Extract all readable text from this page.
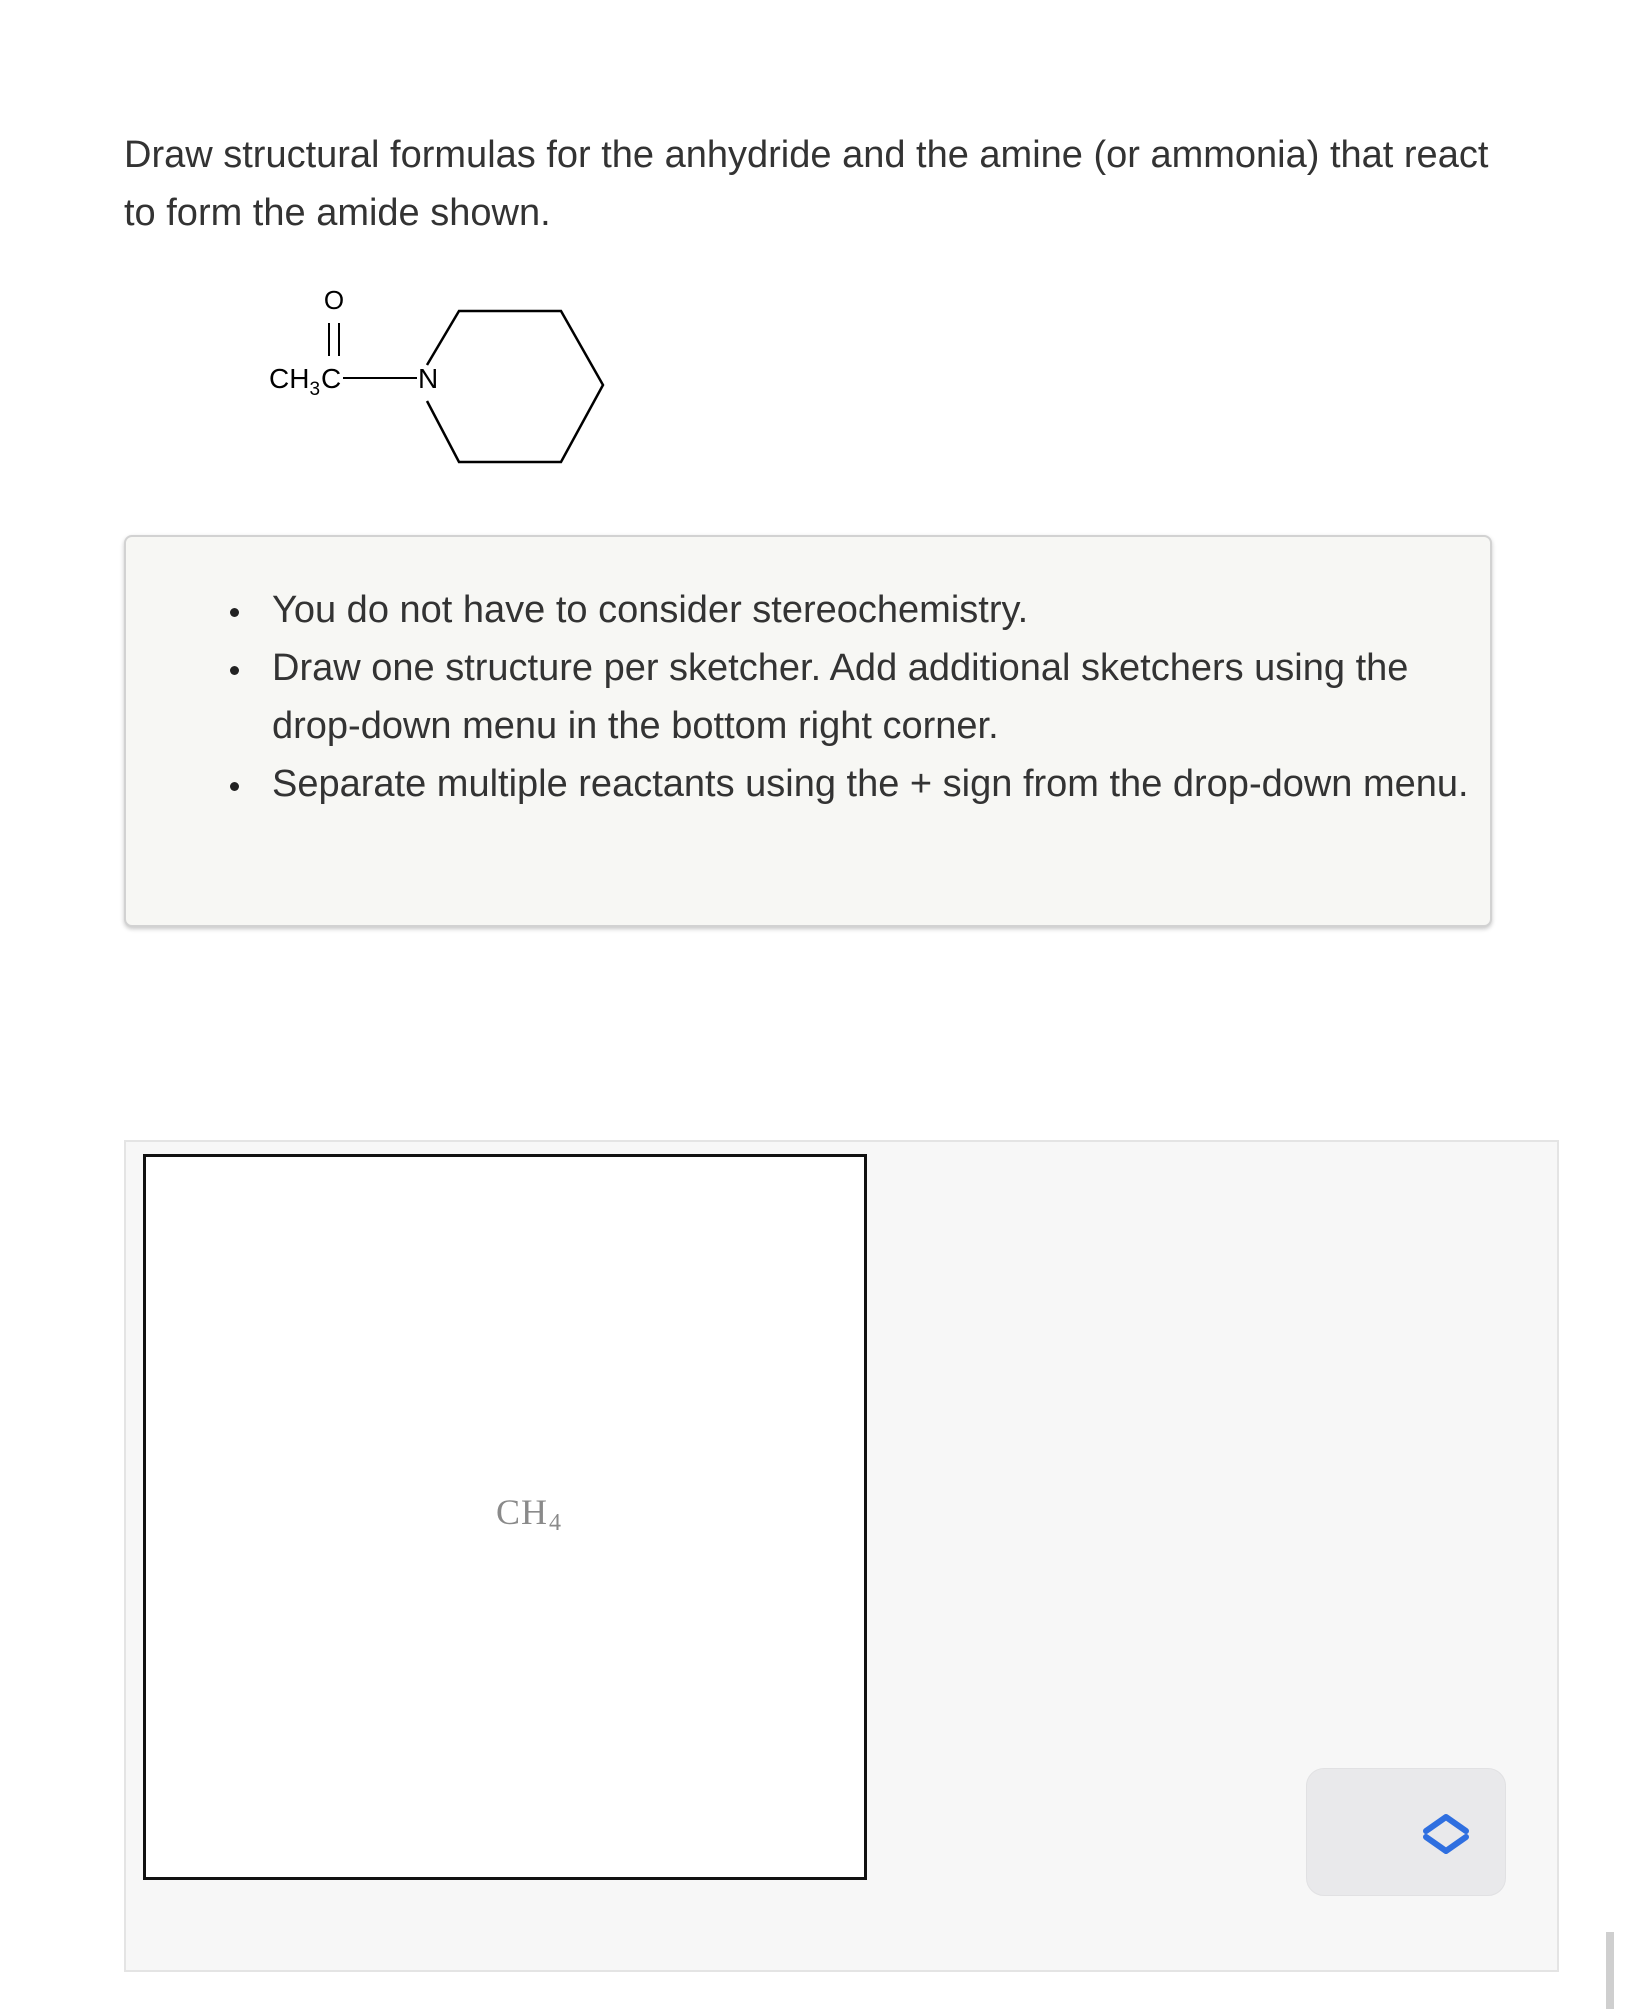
Draw structural formulas for the anhydride and the amine (or ammonia) that react to form the amide shown.
O
$CH_3$ C	N
You do not have to consider stereochemistry.
Draw one structure per sketcher. Add additional sketchers using the drop-down menu in the bottom right corner.
Separate multiple reactants using the + sign from the drop-down menu.
$CH_4$
